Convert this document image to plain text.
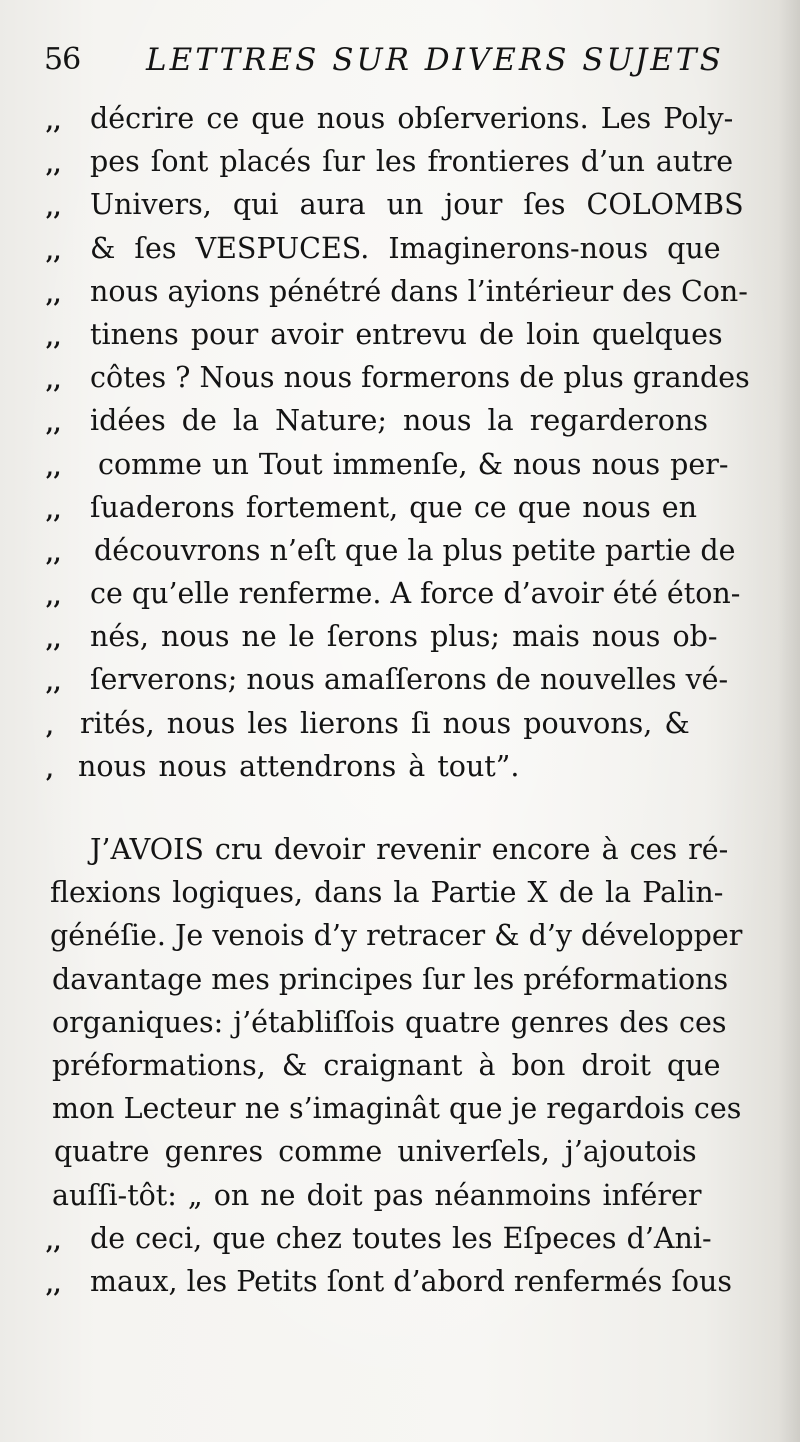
56 LETTRES SUR DIVERS SUJETS
,,	décrire ce que nous obſerverions. Les Poly-
,,	pes ſont placés ſur les frontieres d’un autre
,,	Univers, qui aura un jour ſes COLOMBS
,,	& ſes VESPUCES. Imaginerons-nous que
,,	nous ayions pénétré dans l’intérieur des Con-
,,	tinens pour avoir entrevu de loin quelques
,,	côtes ? Nous nous formerons de plus grandes
,,	idées de la Nature; nous la regarderons
,,	comme un Tout immenſe, & nous nous per-
,,	ſuaderons fortement, que ce que nous en
,,	découvrons n’eſt que la plus petite partie de
,,	ce qu’elle renferme. A force d’avoir été éton-
,,	nés, nous ne le ſerons plus; mais nous ob-
,,	ſerverons; nous amaſſerons de nouvelles vé-
, rités, nous les lierons ſi nous pouvons, &
, nous nous attendrons à tout”.
J’AVOIS cru devoir revenir encore à ces ré-
flexions logiques, dans la Partie X de la Palin-
généſie. Je venois d’y retracer & d’y développer
davantage mes principes ſur les préformations
organiques: j’établiſſois quatre genres des ces
préformations, & craignant à bon droit que
mon Lecteur ne s’imaginât que je regardois ces
quatre genres comme univerſels, j’ajoutois
auſſi-tôt: „ on ne doit pas néanmoins inférer
,,	de ceci, que chez toutes les Eſpeces d’Ani-
,,	maux, les Petits ſont d’abord renfermés ſous
